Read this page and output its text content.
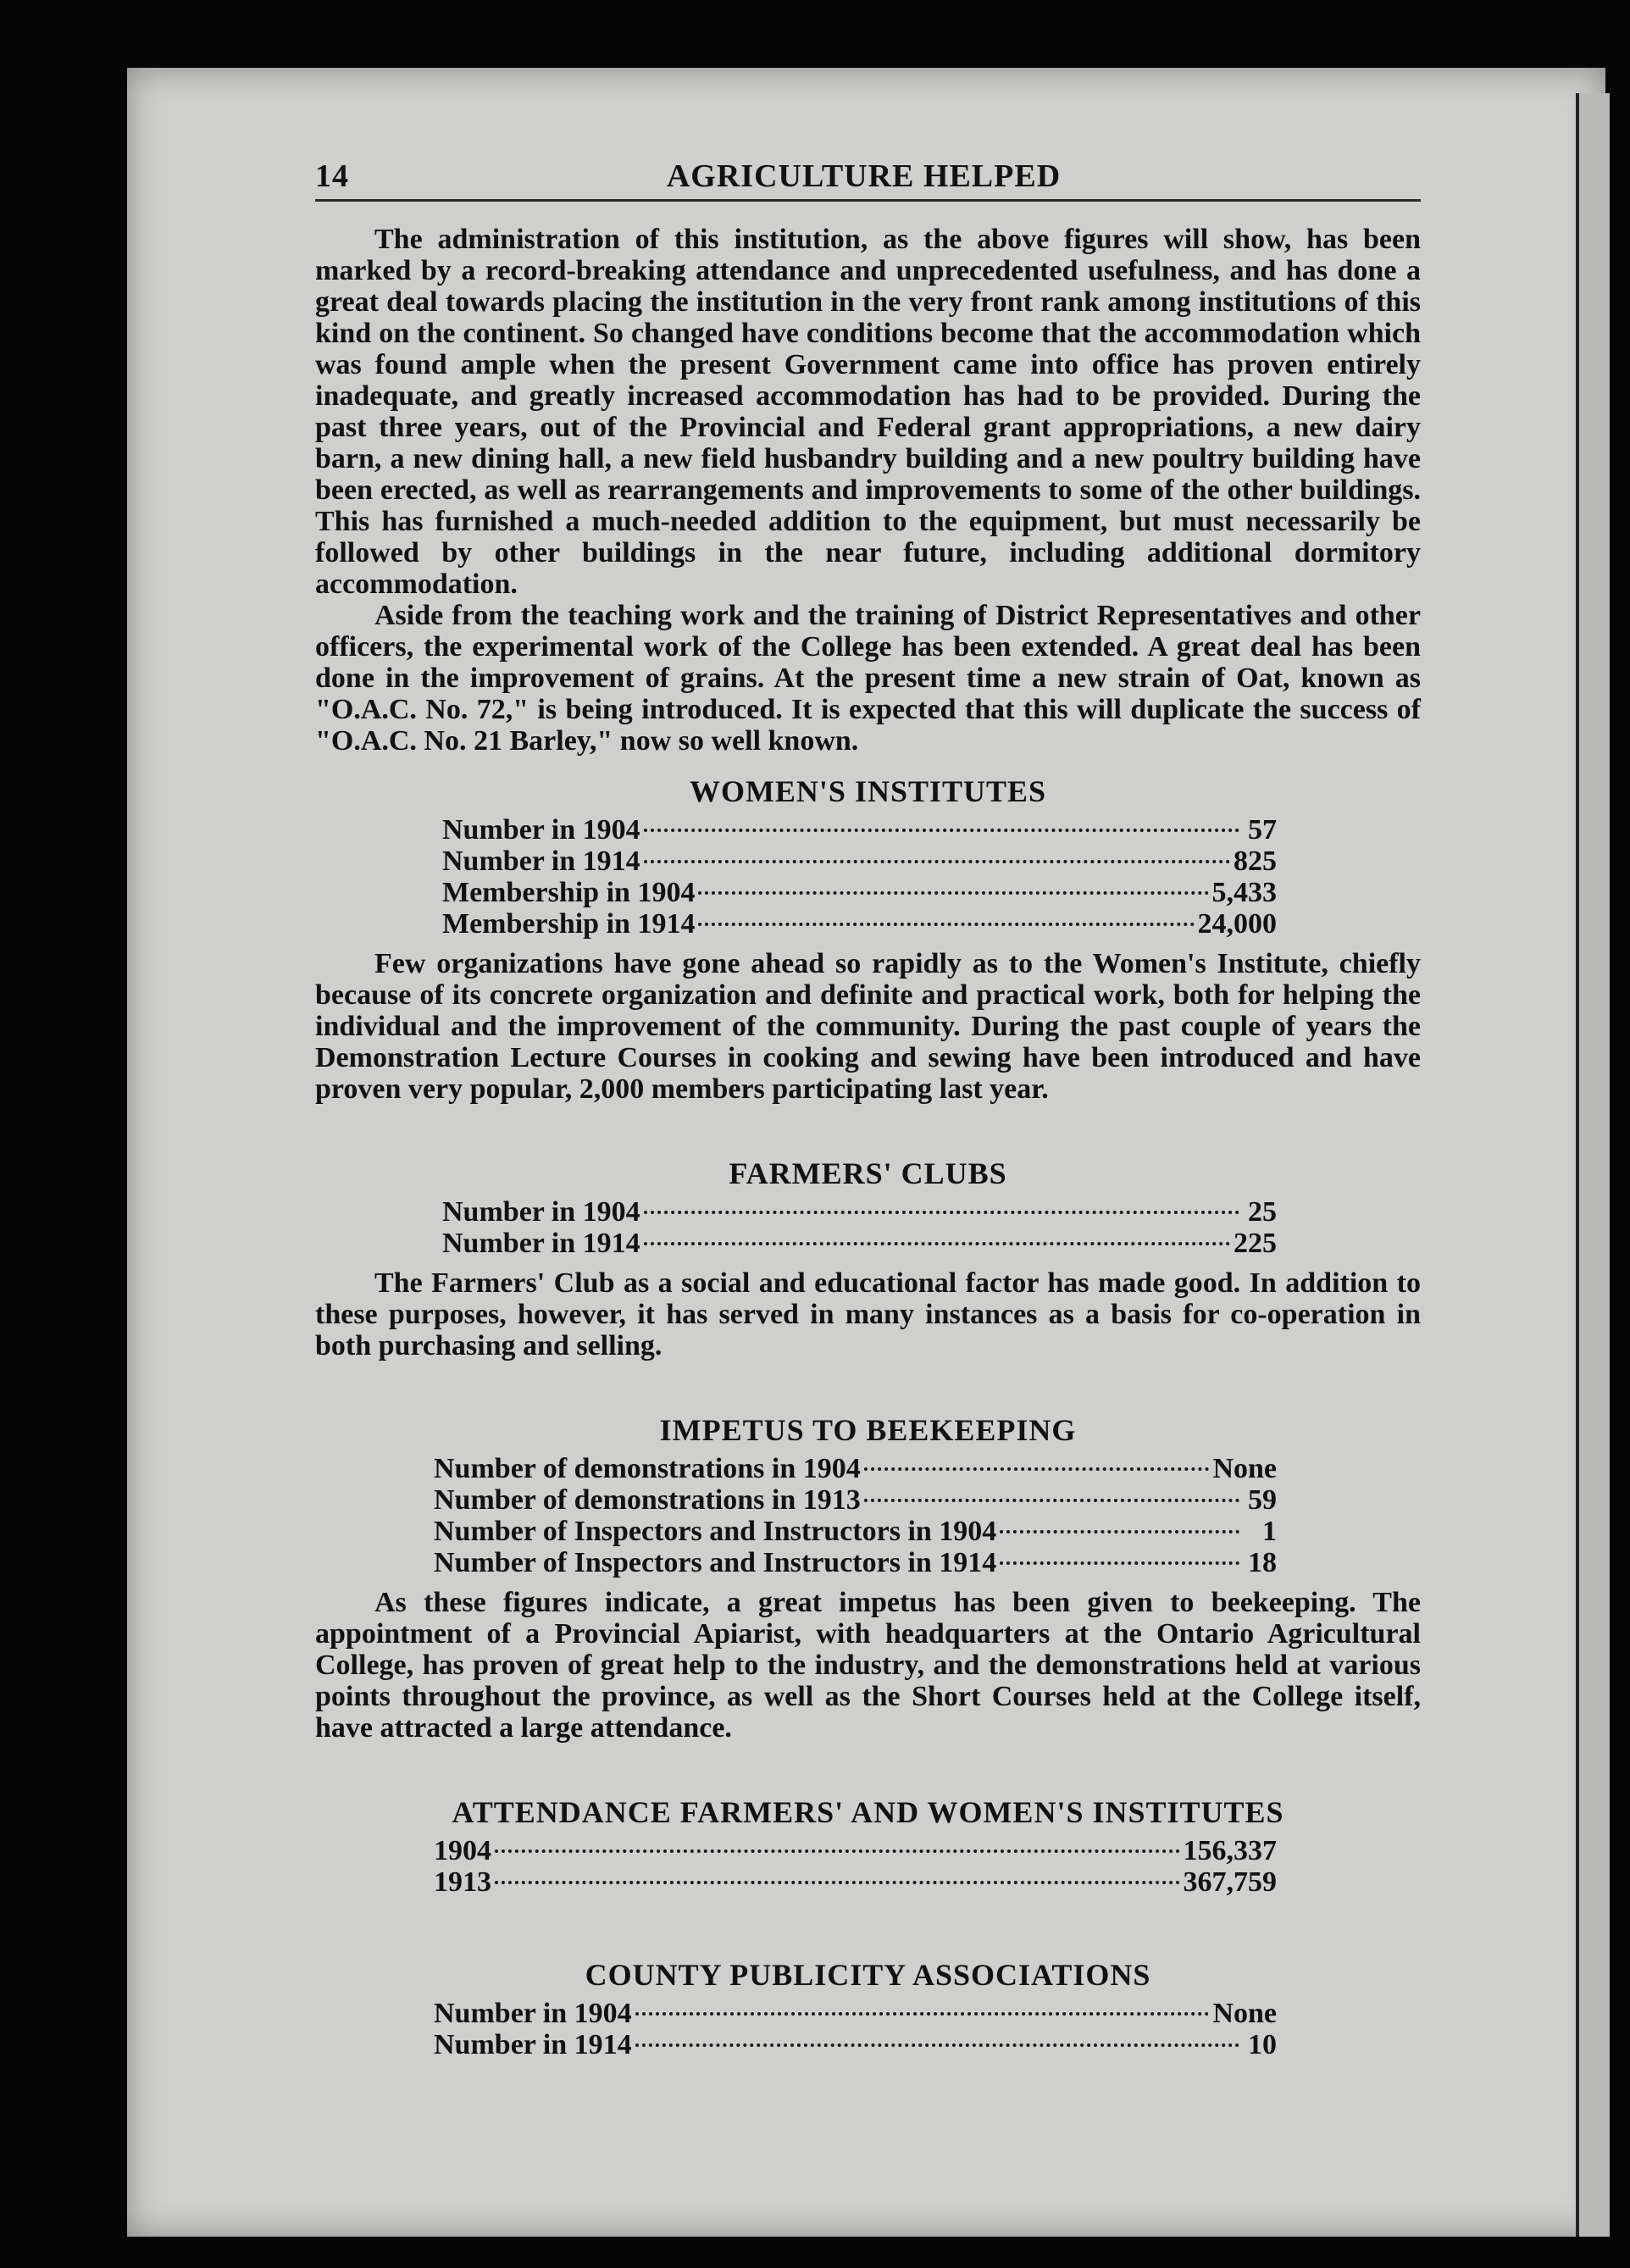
14	AGRICULTURE HELPED

The administration of this institution, as the above figures will show, has been marked by a record-breaking attendance and unprecedented usefulness, and has done a great deal towards placing the institution in the very front rank among institutions of this kind on the continent. So changed have conditions become that the accommodation which was found ample when the present Government came into office has proven entirely inadequate, and greatly increased accommodation has had to be provided. During the past three years, out of the Provincial and Federal grant appropriations, a new dairy barn, a new dining hall, a new field husbandry building and a new poultry building have been erected, as well as rearrangements and improvements to some of the other buildings. This has furnished a much-needed addition to the equipment, but must necessarily be followed by other buildings in the near future, including additional dormitory accommodation.

Aside from the teaching work and the training of District Representatives and other officers, the experimental work of the College has been extended. A great deal has been done in the improvement of grains. At the present time a new strain of Oat, known as "O.A.C. No. 72," is being introduced. It is expected that this will duplicate the success of "O.A.C. No. 21 Barley," now so well known.

WOMEN'S INSTITUTES
Number in 1904	57
Number in 1914	825
Membership in 1904	5,433
Membership in 1914	24,000

Few organizations have gone ahead so rapidly as to the Women's Institute, chiefly because of its concrete organization and definite and practical work, both for helping the individual and the improvement of the community. During the past couple of years the Demonstration Lecture Courses in cooking and sewing have been introduced and have proven very popular, 2,000 members participating last year.

FARMERS' CLUBS
Number in 1904	25
Number in 1914	225

The Farmers' Club as a social and educational factor has made good. In addition to these purposes, however, it has served in many instances as a basis for co-operation in both purchasing and selling.

IMPETUS TO BEEKEEPING
Number of demonstrations in 1904	None
Number of demonstrations in 1913	59
Number of Inspectors and Instructors in 1904	1
Number of Inspectors and Instructors in 1914	18

As these figures indicate, a great impetus has been given to beekeeping. The appointment of a Provincial Apiarist, with headquarters at the Ontario Agricultural College, has proven of great help to the industry, and the demonstrations held at various points throughout the province, as well as the Short Courses held at the College itself, have attracted a large attendance.

ATTENDANCE FARMERS' AND WOMEN'S INSTITUTES
1904	156,337
1913	367,759
COUNTY PUBLICITY ASSOCIATIONS
Number in 1904	None
Number in 1914	10
